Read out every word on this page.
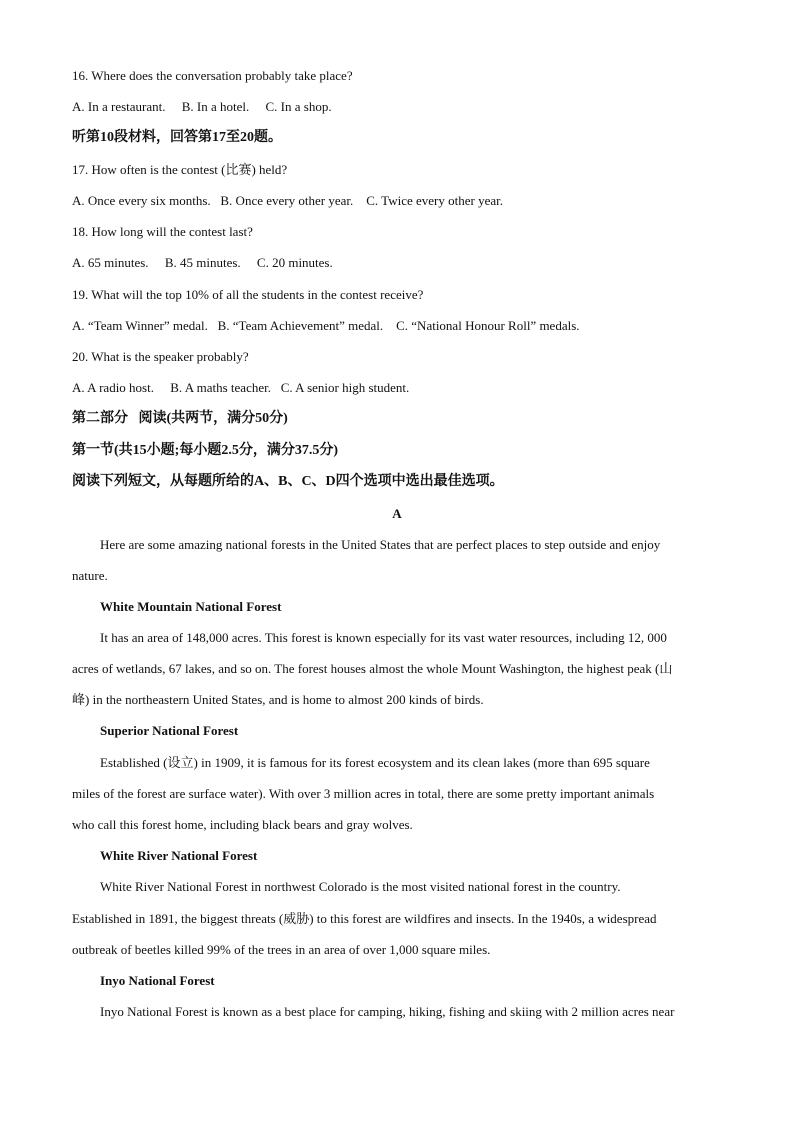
16. Where does the conversation probably take place?
A. In a restaurant. B. In a hotel. C. In a shop.
听第10段材料，回答第17至20题。
17. How often is the contest (比赛) held?
A. Once every six months. B. Once every other year. C. Twice every other year.
18. How long will the contest last?
A. 65 minutes. B. 45 minutes. C. 20 minutes.
19. What will the top 10% of all the students in the contest receive?
A. “Team Winner” medal. B. “Team Achievement” medal. C. “National Honour Roll” medals.
20. What is the speaker probably?
A. A radio host. B. A maths teacher. C. A senior high student.
第二部分   阅读(共两节，满分50分)
第一节(共15小题;每小题2.5分，满分37.5分)
阅读下列短文，从每题所给的A、B、C、D四个选项中选出最佳选项。
A
Here are some amazing national forests in the United States that are perfect places to step outside and enjoy
nature.
White Mountain National Forest
It has an area of 148,000 acres. This forest is known especially for its vast water resources, including 12, 000
acres of wetlands, 67 lakes, and so on. The forest houses almost the whole Mount Washington, the highest peak (山
峰) in the northeastern United States, and is home to almost 200 kinds of birds.
Superior National Forest
Established (设立) in 1909, it is famous for its forest ecosystem and its clean lakes (more than 695 square
miles of the forest are surface water). With over 3 million acres in total, there are some pretty important animals
who call this forest home, including black bears and gray wolves.
White River National Forest
White River National Forest in northwest Colorado is the most visited national forest in the country.
Established in 1891, the biggest threats (威胁) to this forest are wildfires and insects. In the 1940s, a widespread
outbreak of beetles killed 99% of the trees in an area of over 1,000 square miles.
Inyo National Forest
Inyo National Forest is known as a best place for camping, hiking, fishing and skiing with 2 million acres near
